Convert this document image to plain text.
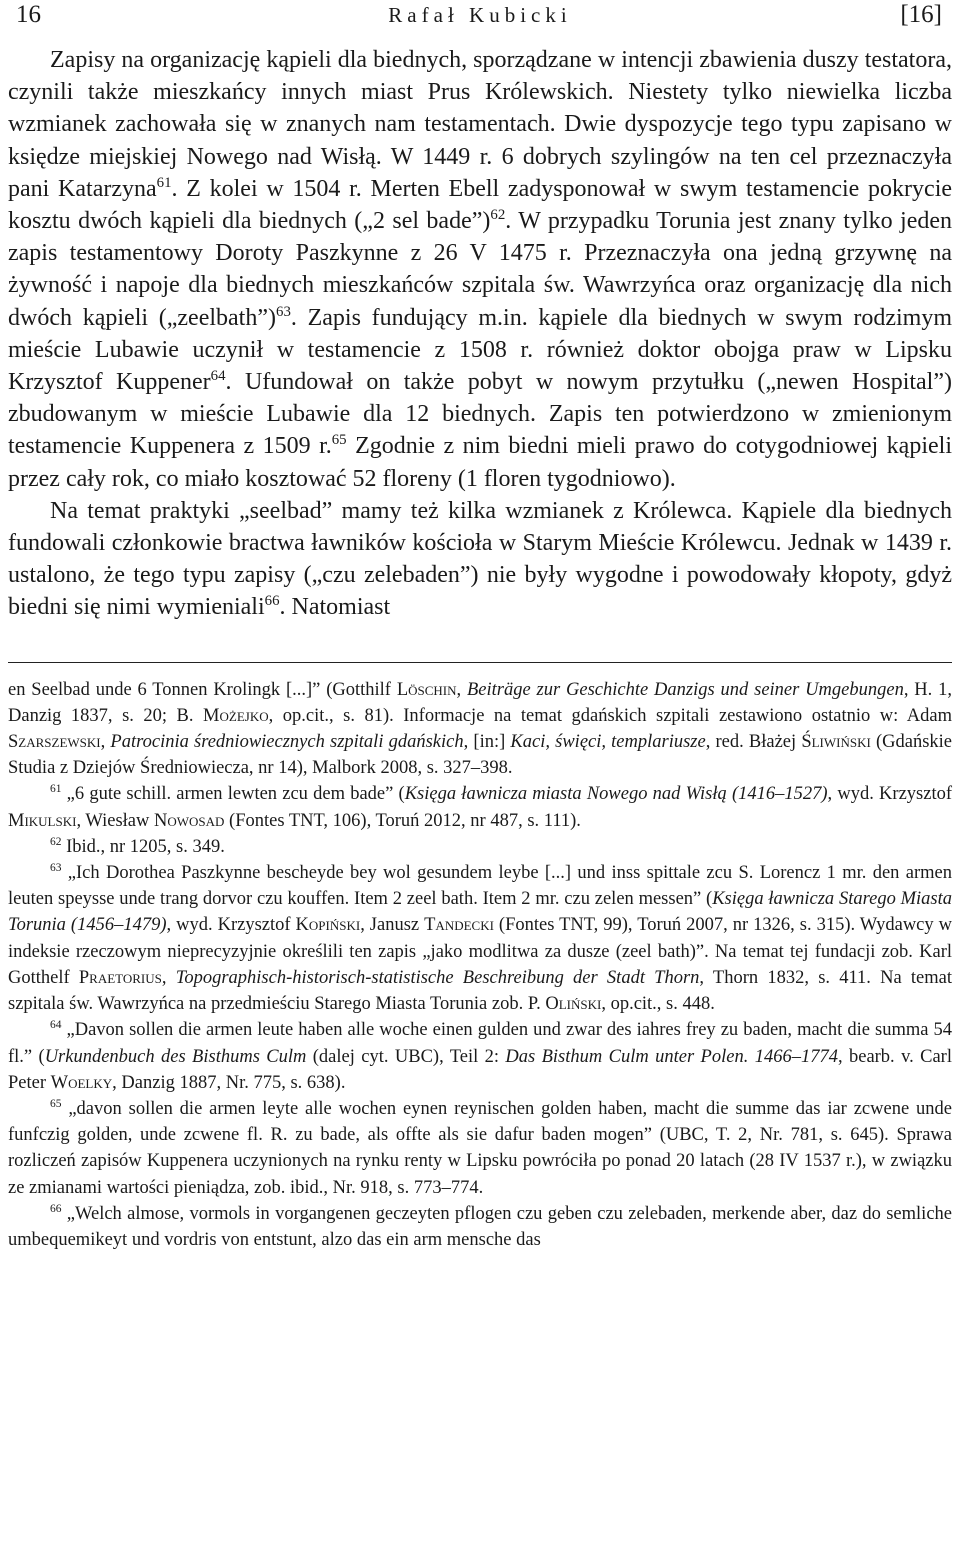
16	Rafał Kubicki	[16]

Zapisy na organizację kąpieli dla biednych, sporządzane w intencji zbawienia duszy testatora, czynili także mieszkańcy innych miast Prus Królewskich. Niestety tylko niewielka liczba wzmianek zachowała się w znanych nam testamentach. Dwie dyspozycje tego typu zapisano w księdze miejskiej Nowego nad Wisłą. W 1449 r. 6 dobrych szylingów na ten cel przeznaczyła pani Katarzyna$^{61}$. Z kolei w 1504 r. Merten Ebell zadysponował w swym testamencie pokrycie kosztu dwóch kąpieli dla biednych („2 sel bade”)$^{62}$. W przypadku Torunia jest znany tylko jeden zapis testamentowy Doroty Paszkynne z 26 V 1475 r. Przeznaczyła ona jedną grzywnę na żywność i napoje dla biednych mieszkańców szpitala św. Wawrzyńca oraz organizację dla nich dwóch kąpieli („zeelbath”)$^{63}$. Zapis fundujący m.in. kąpiele dla biednych w swym rodzimym mieście Lubawie uczynił w testamencie z 1508 r. również doktor obojga praw w Lipsku Krzysztof Kuppener$^{64}$. Ufundował on także pobyt w nowym przytułku („newen Hospital”) zbudowanym w mieście Lubawie dla 12 biednych. Zapis ten potwierdzono w zmienionym testamencie Kuppenera z 1509 r.$^{65}$ Zgodnie z nim biedni mieli prawo do cotygodniowej kąpieli przez cały rok, co miało kosztować 52 floreny (1 floren tygodniowo).

Na temat praktyki „seelbad” mamy też kilka wzmianek z Królewca. Kąpiele dla biednych fundowali członkowie bractwa ławników kościoła w Starym Mieście Królewcu. Jednak w 1439 r. ustalono, że tego typu zapisy („czu zelebaden”) nie były wygodne i powodowały kłopoty, gdyż biedni się nimi wymieniali$^{66}$. Natomiast

en Seelbad unde 6 Tonnen Krolingk [...]” (Gotthilf Löschin, Beiträge zur Geschichte Danzigs und seiner Umgebungen, H. 1, Danzig 1837, s. 20; B. Możejko, op.cit., s. 81). Informacje na temat gdańskich szpitali zestawiono ostatnio w: Adam Szarszewski, Patrocinia średniowiecznych szpitali gdańskich, [in:] Kaci, święci, templariusze, red. Błażej Śliwiński (Gdańskie Studia z Dziejów Średniowiecza, nr 14), Malbork 2008, s. 327–398.

$^{61}$ „6 gute schill. armen lewten zcu dem bade” (Księga ławnicza miasta Nowego nad Wisłą (1416–1527), wyd. Krzysztof Mikulski, Wiesław Nowosad (Fontes TNT, 106), Toruń 2012, nr 487, s. 111).

$^{62}$ Ibid., nr 1205, s. 349.

$^{63}$ „Ich Dorothea Paszkynne bescheyde bey wol gesundem leybe [...] und inss spittale zcu S. Lorencz 1 mr. den armen leuten speysse unde trang dorvor czu kouffen. Item 2 zeel bath. Item 2 mr. czu zelen messen” (Księga ławnicza Starego Miasta Torunia (1456–1479), wyd. Krzysztof Kopiński, Janusz Tandecki (Fontes TNT, 99), Toruń 2007, nr 1326, s. 315). Wydawcy w indeksie rzeczowym nieprecyzyjnie określili ten zapis „jako modlitwa za dusze (zeel bath)”. Na temat tej fundacji zob. Karl Gotthelf Praetorius, Topographisch-historisch-statistische Beschreibung der Stadt Thorn, Thorn 1832, s. 411. Na temat szpitala św. Wawrzyńca na przedmieściu Starego Miasta Torunia zob. P. Oliński, op.cit., s. 448.

$^{64}$ „Davon sollen die armen leute haben alle woche einen gulden und zwar des iahres frey zu baden, macht die summa 54 fl.” (Urkundenbuch des Bisthums Culm (dalej cyt. UBC), Teil 2: Das Bisthum Culm unter Polen. 1466–1774, bearb. v. Carl Peter Woelky, Danzig 1887, Nr. 775, s. 638).

$^{65}$ „davon sollen die armen leyte alle wochen eynen reynischen golden haben, macht die summe das iar zcwene unde funfczig golden, unde zcwene fl. R. zu bade, als offte als sie dafur baden mogen” (UBC, T. 2, Nr. 781, s. 645). Sprawa rozliczeń zapisów Kuppenera uczynionych na rynku renty w Lipsku powróciła po ponad 20 latach (28 IV 1537 r.), w związku ze zmianami wartości pieniądza, zob. ibid., Nr. 918, s. 773–774.

$^{66}$ „Welch almose, vormols in vorgangenen geczeyten pflogen czu geben czu zelebaden, merkende aber, daz do semliche umbequemikeyt und vordris von entstunt, alzo das ein arm mensche das
